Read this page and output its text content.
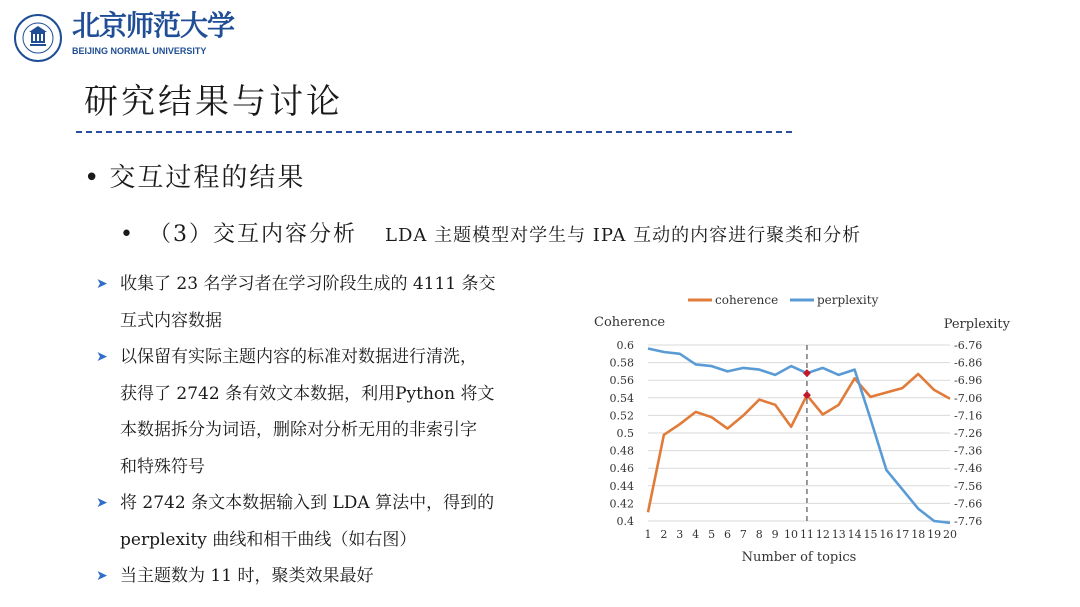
北京师范大学
BEIJING NORMAL UNIVERSITY
研究结果与讨论
• 交互过程的结果
• （3）交互内容分析 LDA 主题模型对学生与 IPA 互动的内容进行聚类和分析
➤ 收集了 23 名学习者在学习阶段生成的 4111 条交
互式内容数据
➤ 以保留有实际主题内容的标准对数据进行清洗，
获得了 2742 条有效文本数据，利用Python 将文
本数据拆分为词语，删除对分析无用的非索引字
和特殊符号
➤ 将 2742 条文本数据输入到 LDA 算法中，得到的
perplexity 曲线和相干曲线（如右图）
➤ 当主题数为 11 时，聚类效果最好
0.6
0.58
0.56
0.54
0.52
0.5
0.48
0.46
0.44
0.42
0.4
-6.76
-6.86
-6.96
-7.06
-7.16
-7.26
-7.36
-7.46
-7.56
-7.66
-7.76
1 2 3 4 5 6 7 8 9 10 11 12 13 14 15 16 17 18 19 20
Coherence	Perplexity
Number of topics
coherence	perplexity
